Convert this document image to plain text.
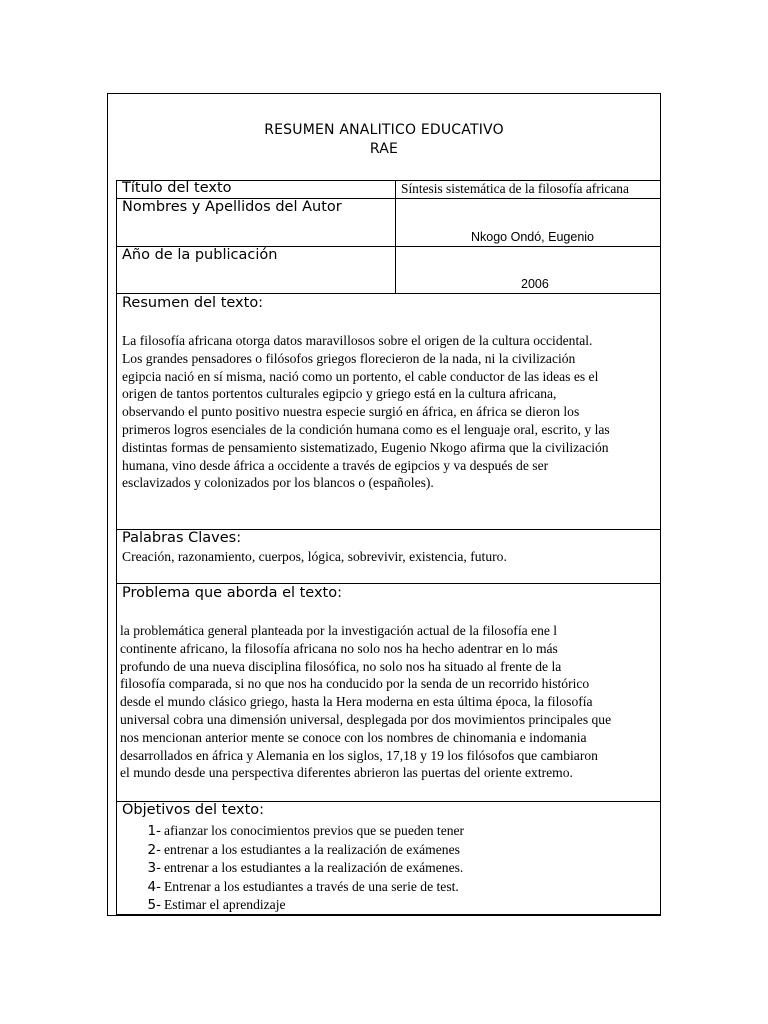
RESUMEN ANALITICO EDUCATIVO
RAE
Título del texto	Síntesis sistemática de la filosofía africana
Nombres y Apellidos del Autor
Nkogo Ondó, Eugenio
Año de la publicación
2006
Resumen del texto:
La filosofía africana otorga datos maravillosos sobre el origen de la cultura occidental.
Los grandes pensadores o filósofos griegos florecieron de la nada, ni la civilización
egipcia nació en sí misma, nació como un portento, el cable conductor de las ideas es el
origen de tantos portentos culturales egipcio y griego está en la cultura africana,
observando el punto positivo nuestra especie surgió en áfrica, en áfrica se dieron los
primeros logros esenciales de la condición humana como es el lenguaje oral, escrito, y las
distintas formas de pensamiento sistematizado, Eugenio Nkogo afirma que la civilización
humana, vino desde áfrica a occidente a través de egipcios y va después de ser
esclavizados y colonizados por los blancos o (españoles).
Palabras Claves:
Creación, razonamiento, cuerpos, lógica, sobrevivir, existencia, futuro.
Problema que aborda el texto:
la problemática general planteada por la investigación actual de la filosofía ene l
continente africano, la filosofía africana no solo nos ha hecho adentrar en lo más
profundo de una nueva disciplina filosófica, no solo nos ha situado al frente de la
filosofía comparada, si no que nos ha conducido por la senda de un recorrido histórico
desde el mundo clásico griego, hasta la Hera moderna en esta última época, la filosofía
universal cobra una dimensión universal, desplegada por dos movimientos principales que
nos mencionan anterior mente se conoce con los nombres de chinomania e indomania
desarrollados en áfrica y Alemania en los siglos, 17,18 y 19 los filósofos que cambiaron
el mundo desde una perspectiva diferentes abrieron las puertas del oriente extremo.
Objetivos del texto:
1- afianzar los conocimientos previos que se pueden tener
2- entrenar a los estudiantes a la realización de exámenes
3- entrenar a los estudiantes a la realización de exámenes.
4- Entrenar a los estudiantes a través de una serie de test.
5- Estimar el aprendizaje
